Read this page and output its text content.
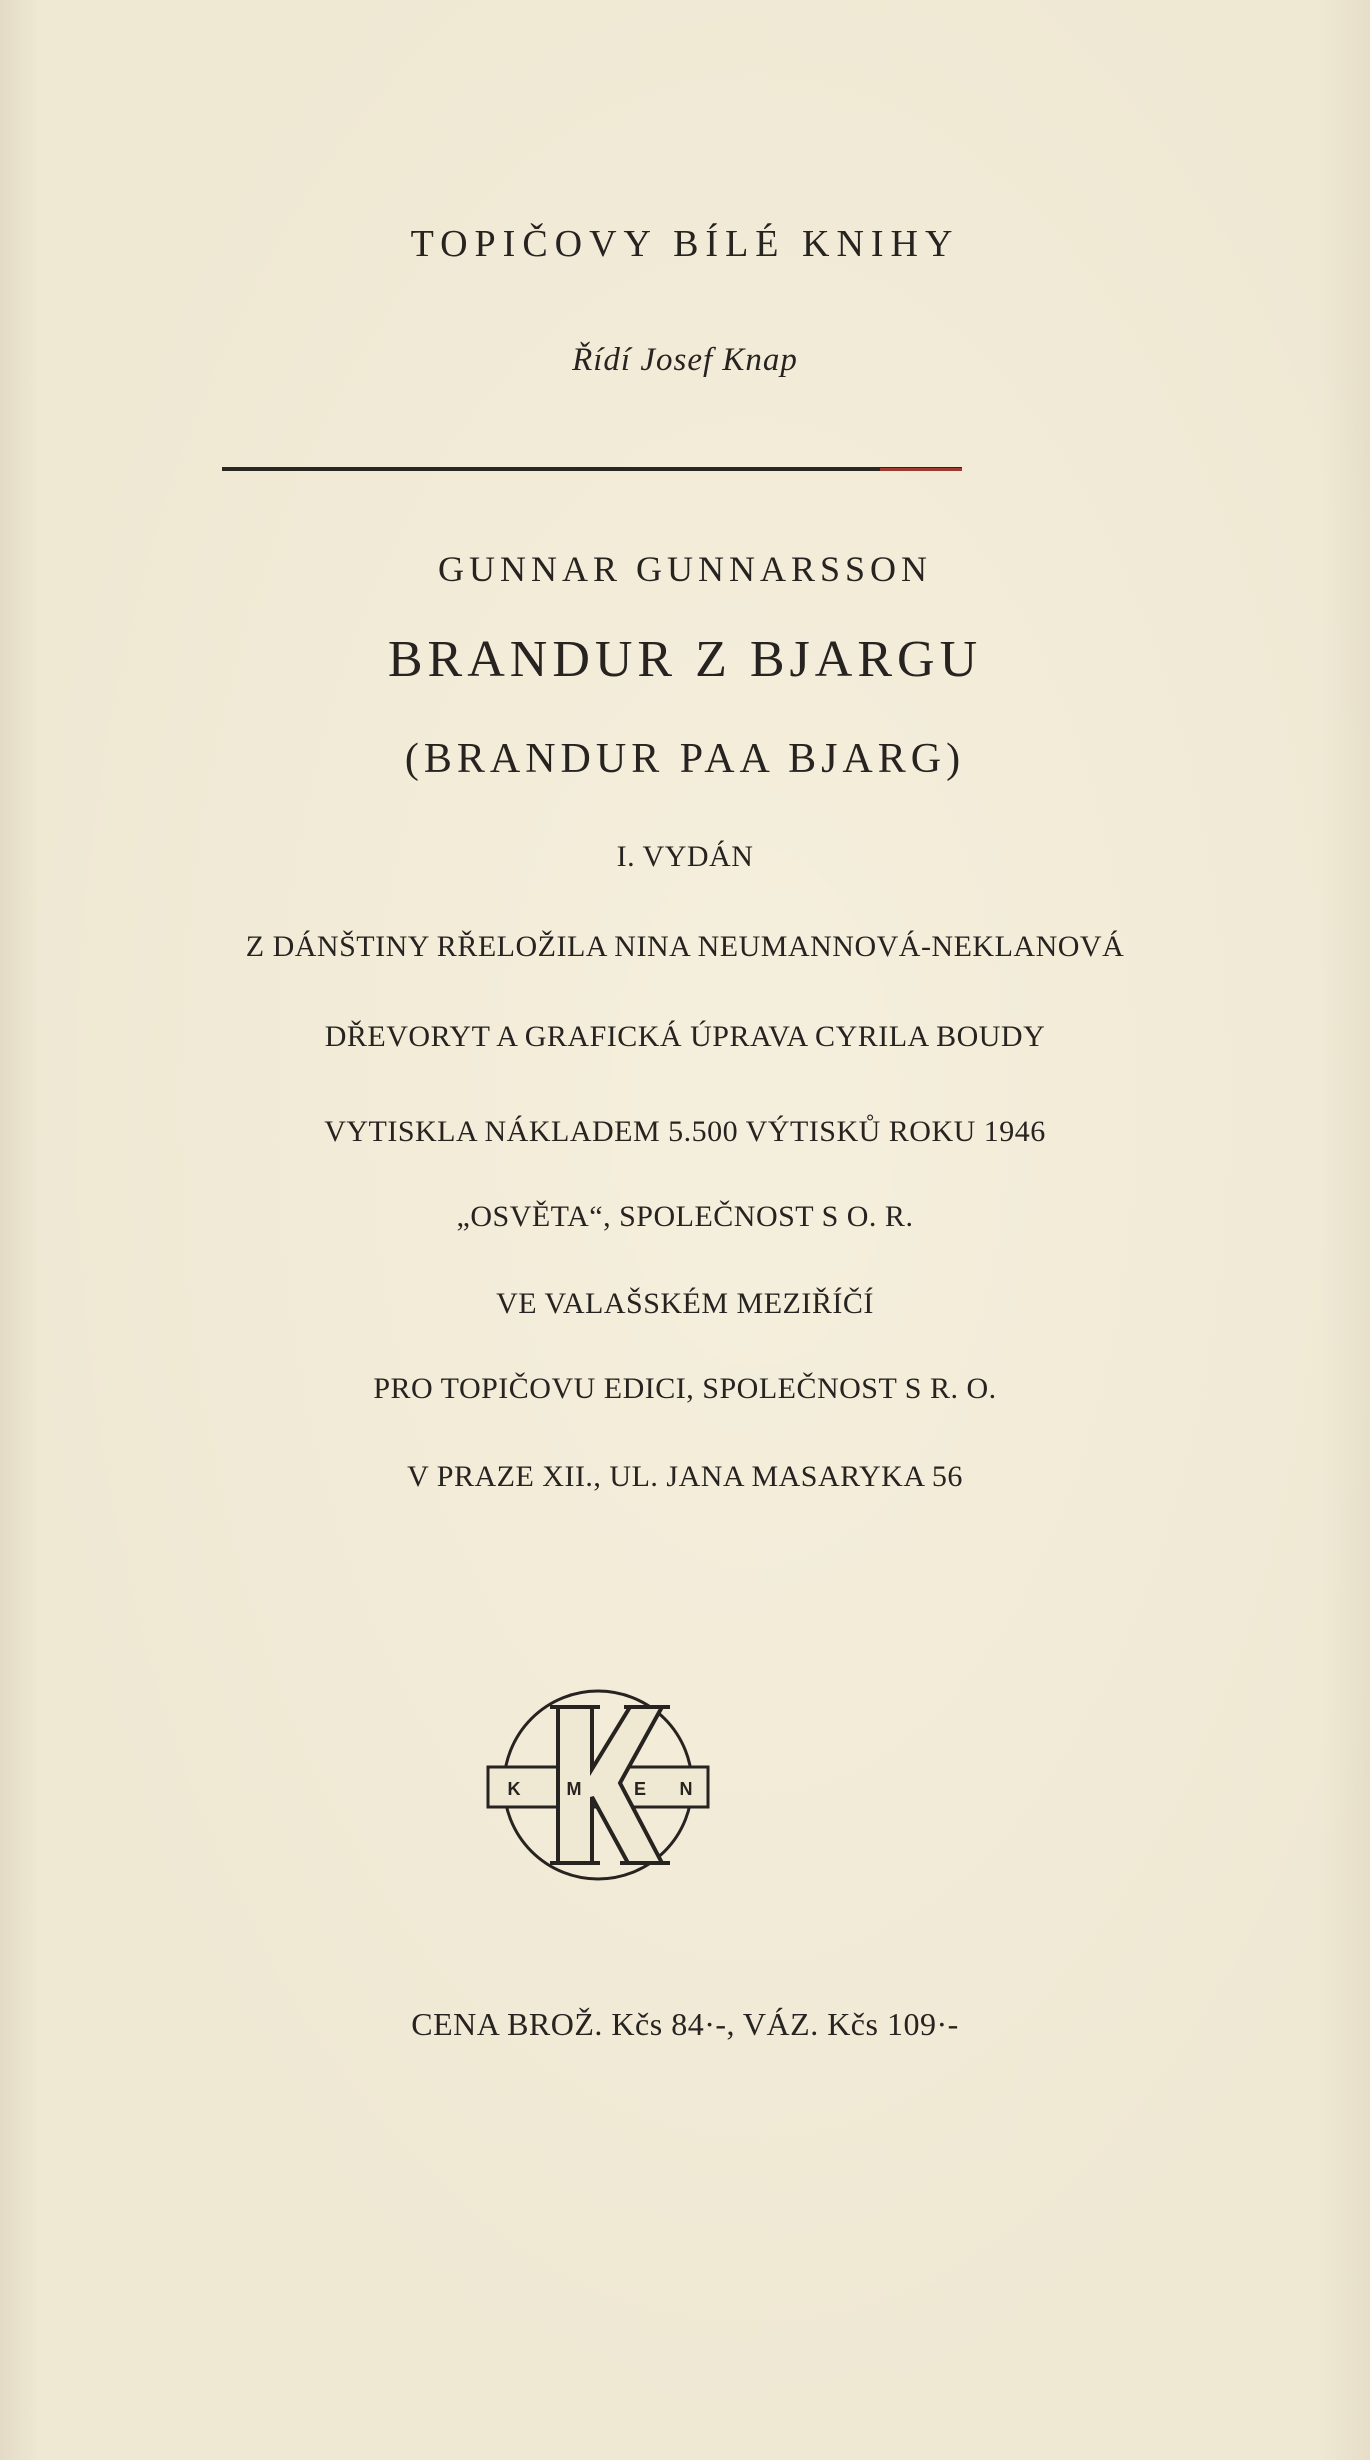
TOPIČOVY BÍLÉ KNIHY

Řídí Josef Knap

GUNNAR GUNNARSSON

BRANDUR Z BJARGU

(BRANDUR PAA BJARG)

I. VYDÁN

Z DÁNŠTINY RŘELOŽILA NINA NEUMANNOVÁ-NEKLANOVÁ

DŘEVORYT A GRAFICKÁ ÚPRAVA CYRILA BOUDY

VYTISKLA NÁKLADEM 5.500 VÝTISKŮ ROKU 1946

„OSVĚTA“, SPOLEČNOST S O. R.

VE VALAŠSKÉM MEZIŘÍČÍ

PRO TOPIČOVU EDICI, SPOLEČNOST S R. O.

V PRAZE XII., UL. JANA MASARYKA 56

K	M	E N

CENA BROŽ. Kčs 84·-, VÁZ. Kčs 109·-
